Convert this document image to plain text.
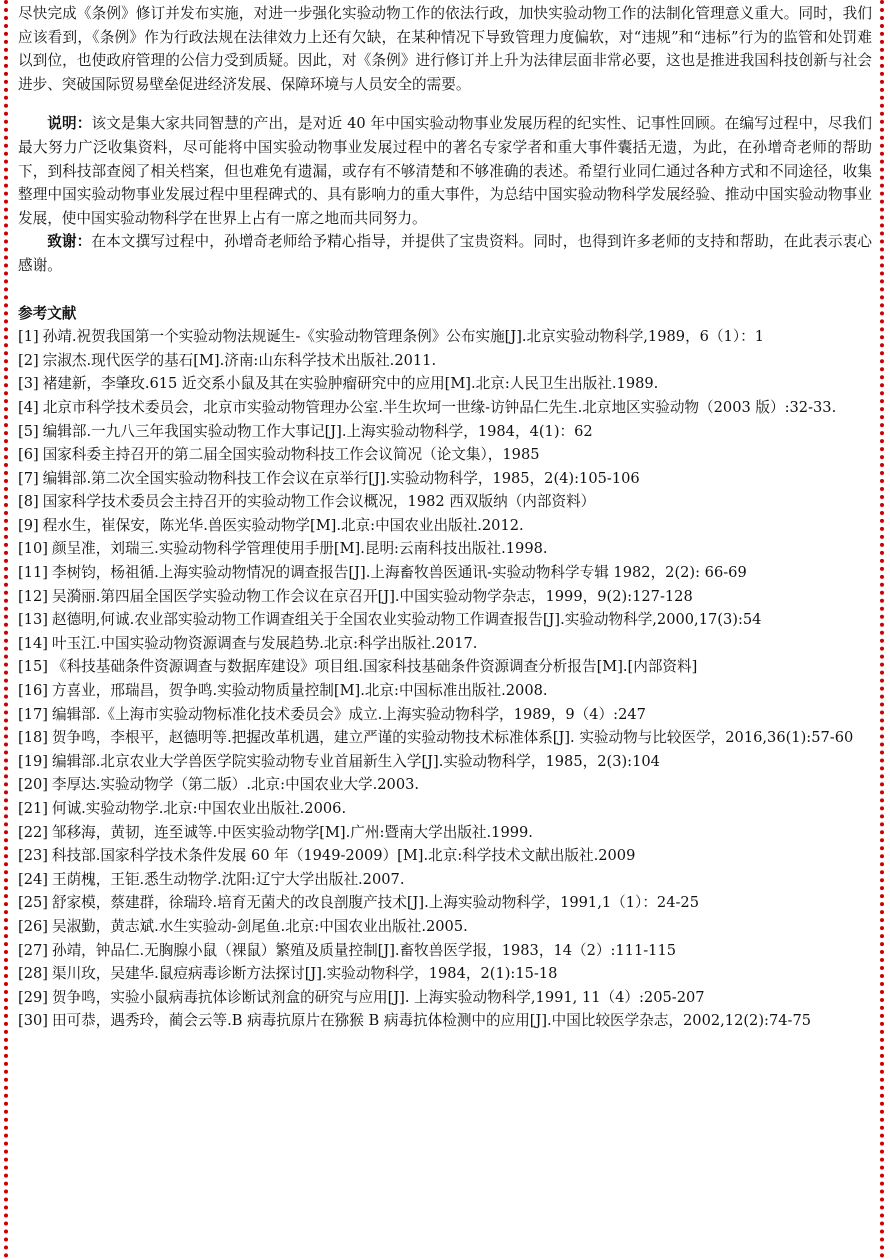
尽快完成《条例》修订并发布实施，对进一步强化实验动物工作的依法行政，加快实验动物工作的法制化管理意义重大。同时，我们应该看到，《条例》作为行政法规在法律效力上还有欠缺，在某种情况下导致管理力度偏软，对“违规”和“违标”行为的监管和处罚难以到位，也使政府管理的公信力受到质疑。因此，对《条例》进行修订并上升为法律层面非常必要，这也是推进我国科技创新与社会进步、突破国际贸易壁垒促进经济发展、保障环境与人员安全的需要。

说明：该文是集大家共同智慧的产出，是对近 40 年中国实验动物事业发展历程的纪实性、记事性回顾。在编写过程中，尽我们最大努力广泛收集资料，尽可能将中国实验动物事业发展过程中的著名专家学者和重大事件囊括无遗，为此，在孙增奇老师的帮助下，到科技部查阅了相关档案，但也难免有遗漏，或存有不够清楚和不够准确的表述。希望行业同仁通过各种方式和不同途径，收集整理中国实验动物事业发展过程中里程碑式的、具有影响力的重大事件，为总结中国实验动物科学发展经验、推动中国实验动物事业发展，使中国实验动物科学在世界上占有一席之地而共同努力。

致谢：在本文撰写过程中，孙增奇老师给予精心指导，并提供了宝贵资料。同时，也得到许多老师的支持和帮助，在此表示衷心感谢。

参考文献

[1] 孙靖.祝贺我国第一个实验动物法规诞生-《实验动物管理条例》公布实施[J].北京实验动物科学,1989，6（1）：1
[2] 宗淑杰.现代医学的基石[M].济南:山东科学技术出版社.2011.
[3] 褚建新，李肇玫.615 近交系小鼠及其在实验肿瘤研究中的应用[M].北京:人民卫生出版社.1989.
[4] 北京市科学技术委员会，北京市实验动物管理办公室.半生坎坷一世缘-访钟品仁先生.北京地区实验动物（2003 版）:32-33.
[5] 编辑部.一九八三年我国实验动物工作大事记[J].上海实验动物科学，1984，4(1)：62
[6] 国家科委主持召开的第二届全国实验动物科技工作会议简况（论文集），1985
[7] 编辑部.第二次全国实验动物科技工作会议在京举行[J].实验动物科学，1985，2(4):105-106
[8] 国家科学技术委员会主持召开的实验动物工作会议概况，1982 西双版纳（内部资料）
[9] 程水生，崔保安，陈光华.兽医实验动物学[M].北京:中国农业出版社.2012.
[10] 颜呈准，刘瑞三.实验动物科学管理使用手册[M].昆明:云南科技出版社.1998.
[11] 李树钧，杨祖循.上海实验动物情况的调查报告[J].上海畜牧兽医通讯-实验动物科学专辑 1982，2(2): 66-69
[12] 吴漪丽.第四届全国医学实验动物工作会议在京召开[J].中国实验动物学杂志，1999，9(2):127-128
[13] 赵德明,何诚.农业部实验动物工作调查组关于全国农业实验动物工作调查报告[J].实验动物科学,2000,17(3):54
[14] 叶玉江.中国实验动物资源调查与发展趋势.北京:科学出版社.2017.
[15] 《科技基础条件资源调查与数据库建设》项目组.国家科技基础条件资源调查分析报告[M].[内部资料]
[16] 方喜业，邢瑞昌，贺争鸣.实验动物质量控制[M].北京:中国标准出版社.2008.
[17] 编辑部.《上海市实验动物标准化技术委员会》成立.上海实验动物科学，1989，9（4）:247
[18] 贺争鸣，李根平，赵德明等.把握改革机遇，建立严谨的实验动物技术标准体系[J]. 实验动物与比较医学，2016,36(1):57-60
[19] 编辑部.北京农业大学兽医学院实验动物专业首届新生入学[J].实验动物科学，1985，2(3):104
[20] 李厚达.实验动物学（第二版）.北京:中国农业大学.2003.
[21] 何诚.实验动物学.北京:中国农业出版社.2006.
[22] 邹移海，黄韧，连至诚等.中医实验动物学[M].广州:暨南大学出版社.1999.
[23] 科技部.国家科学技术条件发展 60 年（1949-2009）[M].北京:科学技术文献出版社.2009
[24] 王荫槐，王钜.悉生动物学.沈阳:辽宁大学出版社.2007.
[25] 舒家模，蔡建群，徐瑞玲.培育无菌犬的改良剖腹产技术[J].上海实验动物科学，1991,1（1）：24-25
[26] 吴淑勤，黄志斌.水生实验动-剑尾鱼.北京:中国农业出版社.2005.
[27] 孙靖，钟品仁.无胸腺小鼠（裸鼠）繁殖及质量控制[J].畜牧兽医学报，1983，14（2）:111-115
[28] 渠川玫，吴建华.鼠痘病毒诊断方法探讨[J].实验动物科学，1984，2(1):15-18
[29] 贺争鸣，实验小鼠病毒抗体诊断试剂盒的研究与应用[J]. 上海实验动物科学,1991, 11（4）:205-207
[30] 田可恭，遇秀玲，蔺会云等.B 病毒抗原片在猕猴 B 病毒抗体检测中的应用[J].中国比较医学杂志，2002,12(2):74-75
